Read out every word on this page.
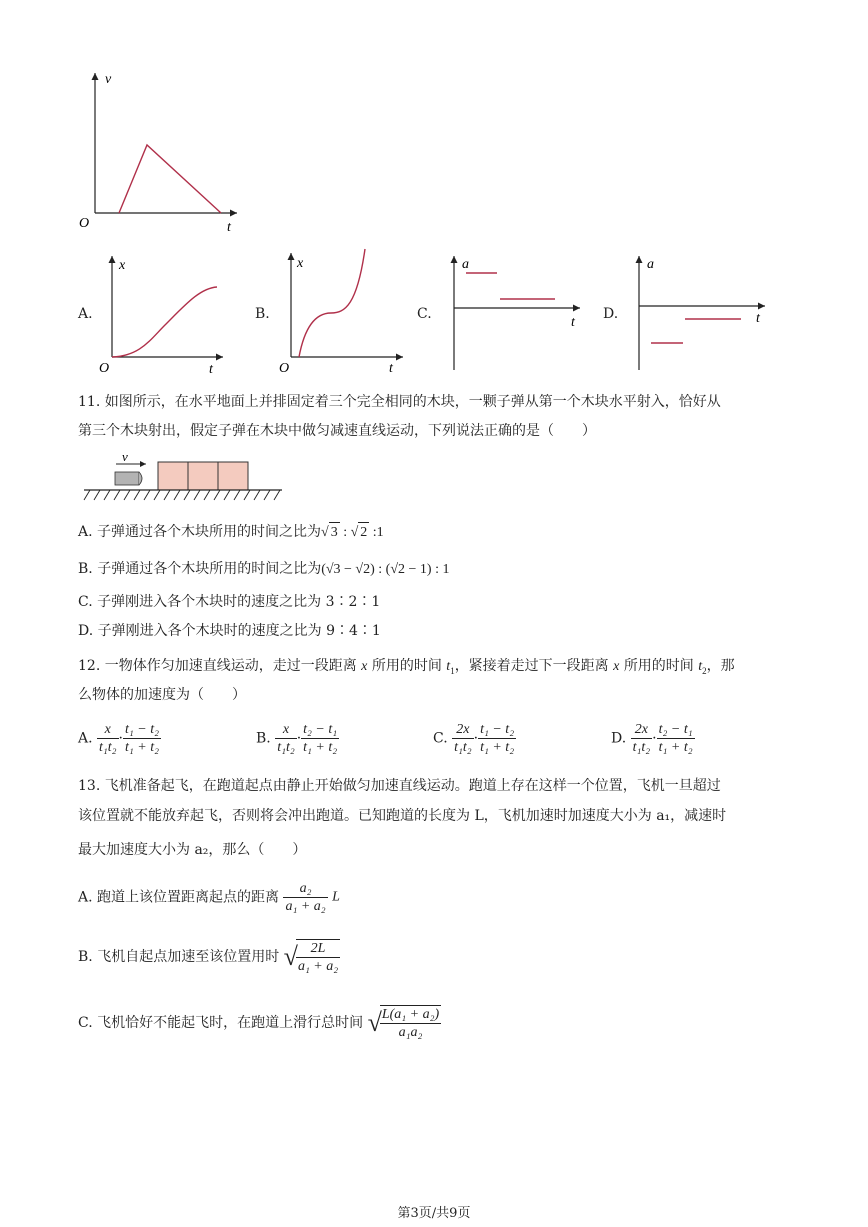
v
t
O
A.
x
t
O
B.
x
t
O
C.
a
t
D.
a
t
11. 如图所示，在水平地面上并排固定着三个完全相同的木块，一颗子弹从第一个木块水平射入，恰好从
第三个木块射出，假定子弹在木块中做匀减速直线运动，下列说法正确的是（　　）
v
A. 子弹通过各个木块所用的时间之比为√ 3 : √ 2 :1
B. 子弹通过各个木块所用的时间之比为(√3 − √2) : (√2 − 1) : 1
C. 子弹刚进入各个木块时的速度之比为 3∶2∶1
D. 子弹刚进入各个木块时的速度之比为 9∶4∶1
12. 一物体作匀加速直线运动，走过一段距离 x 所用的时间 $t_1$，紧接着走过下一段距离 x 所用的时间 $t_2$，那
么物体的加速度为（　　）
A. $\frac{x}{\text{t₁t₂}} \cdot \frac{\text{t₁ − t₂}}{\text{t₁ + t₂}}$	B. $\frac{x}{\text{t₁t₂}} \cdot \frac{\text{t₂ − t₁}}{\text{t₁ + t₂}}$	C. $\frac{2x}{\text{t₁t₂}} \cdot \frac{\text{t₁ − t₂}}{\text{t₁ + t₂}}$	D. $\frac{2x}{\text{t₁t₂}} \cdot \frac{\text{t₂ − t₁}}{\text{t₁ + t₂}}$
13. 飞机准备起飞，在跑道起点由静止开始做匀加速直线运动。跑道上存在这样一个位置，飞机一旦超过
该位置就不能放弃起飞，否则将会冲出跑道。已知跑道的长度为 L，飞机加速时加速度大小为 a₁，减速时
最大加速度大小为 a₂，那么（　　）
A. 跑道上该位置距离起点的距离 $\frac{\text{a₂}}{\text{a₁ + a₂}}$ L
B. 飞机自起点加速至该位置用时 √
$\frac{2L}{\text{a₁ + a₂}}$
C. 飞机恰好不能起飞时，在跑道上滑行总时间 √
$\frac{\text{L(a₁ + a₂)}}{\text{a₁a₂}}$
第3页/共9页
